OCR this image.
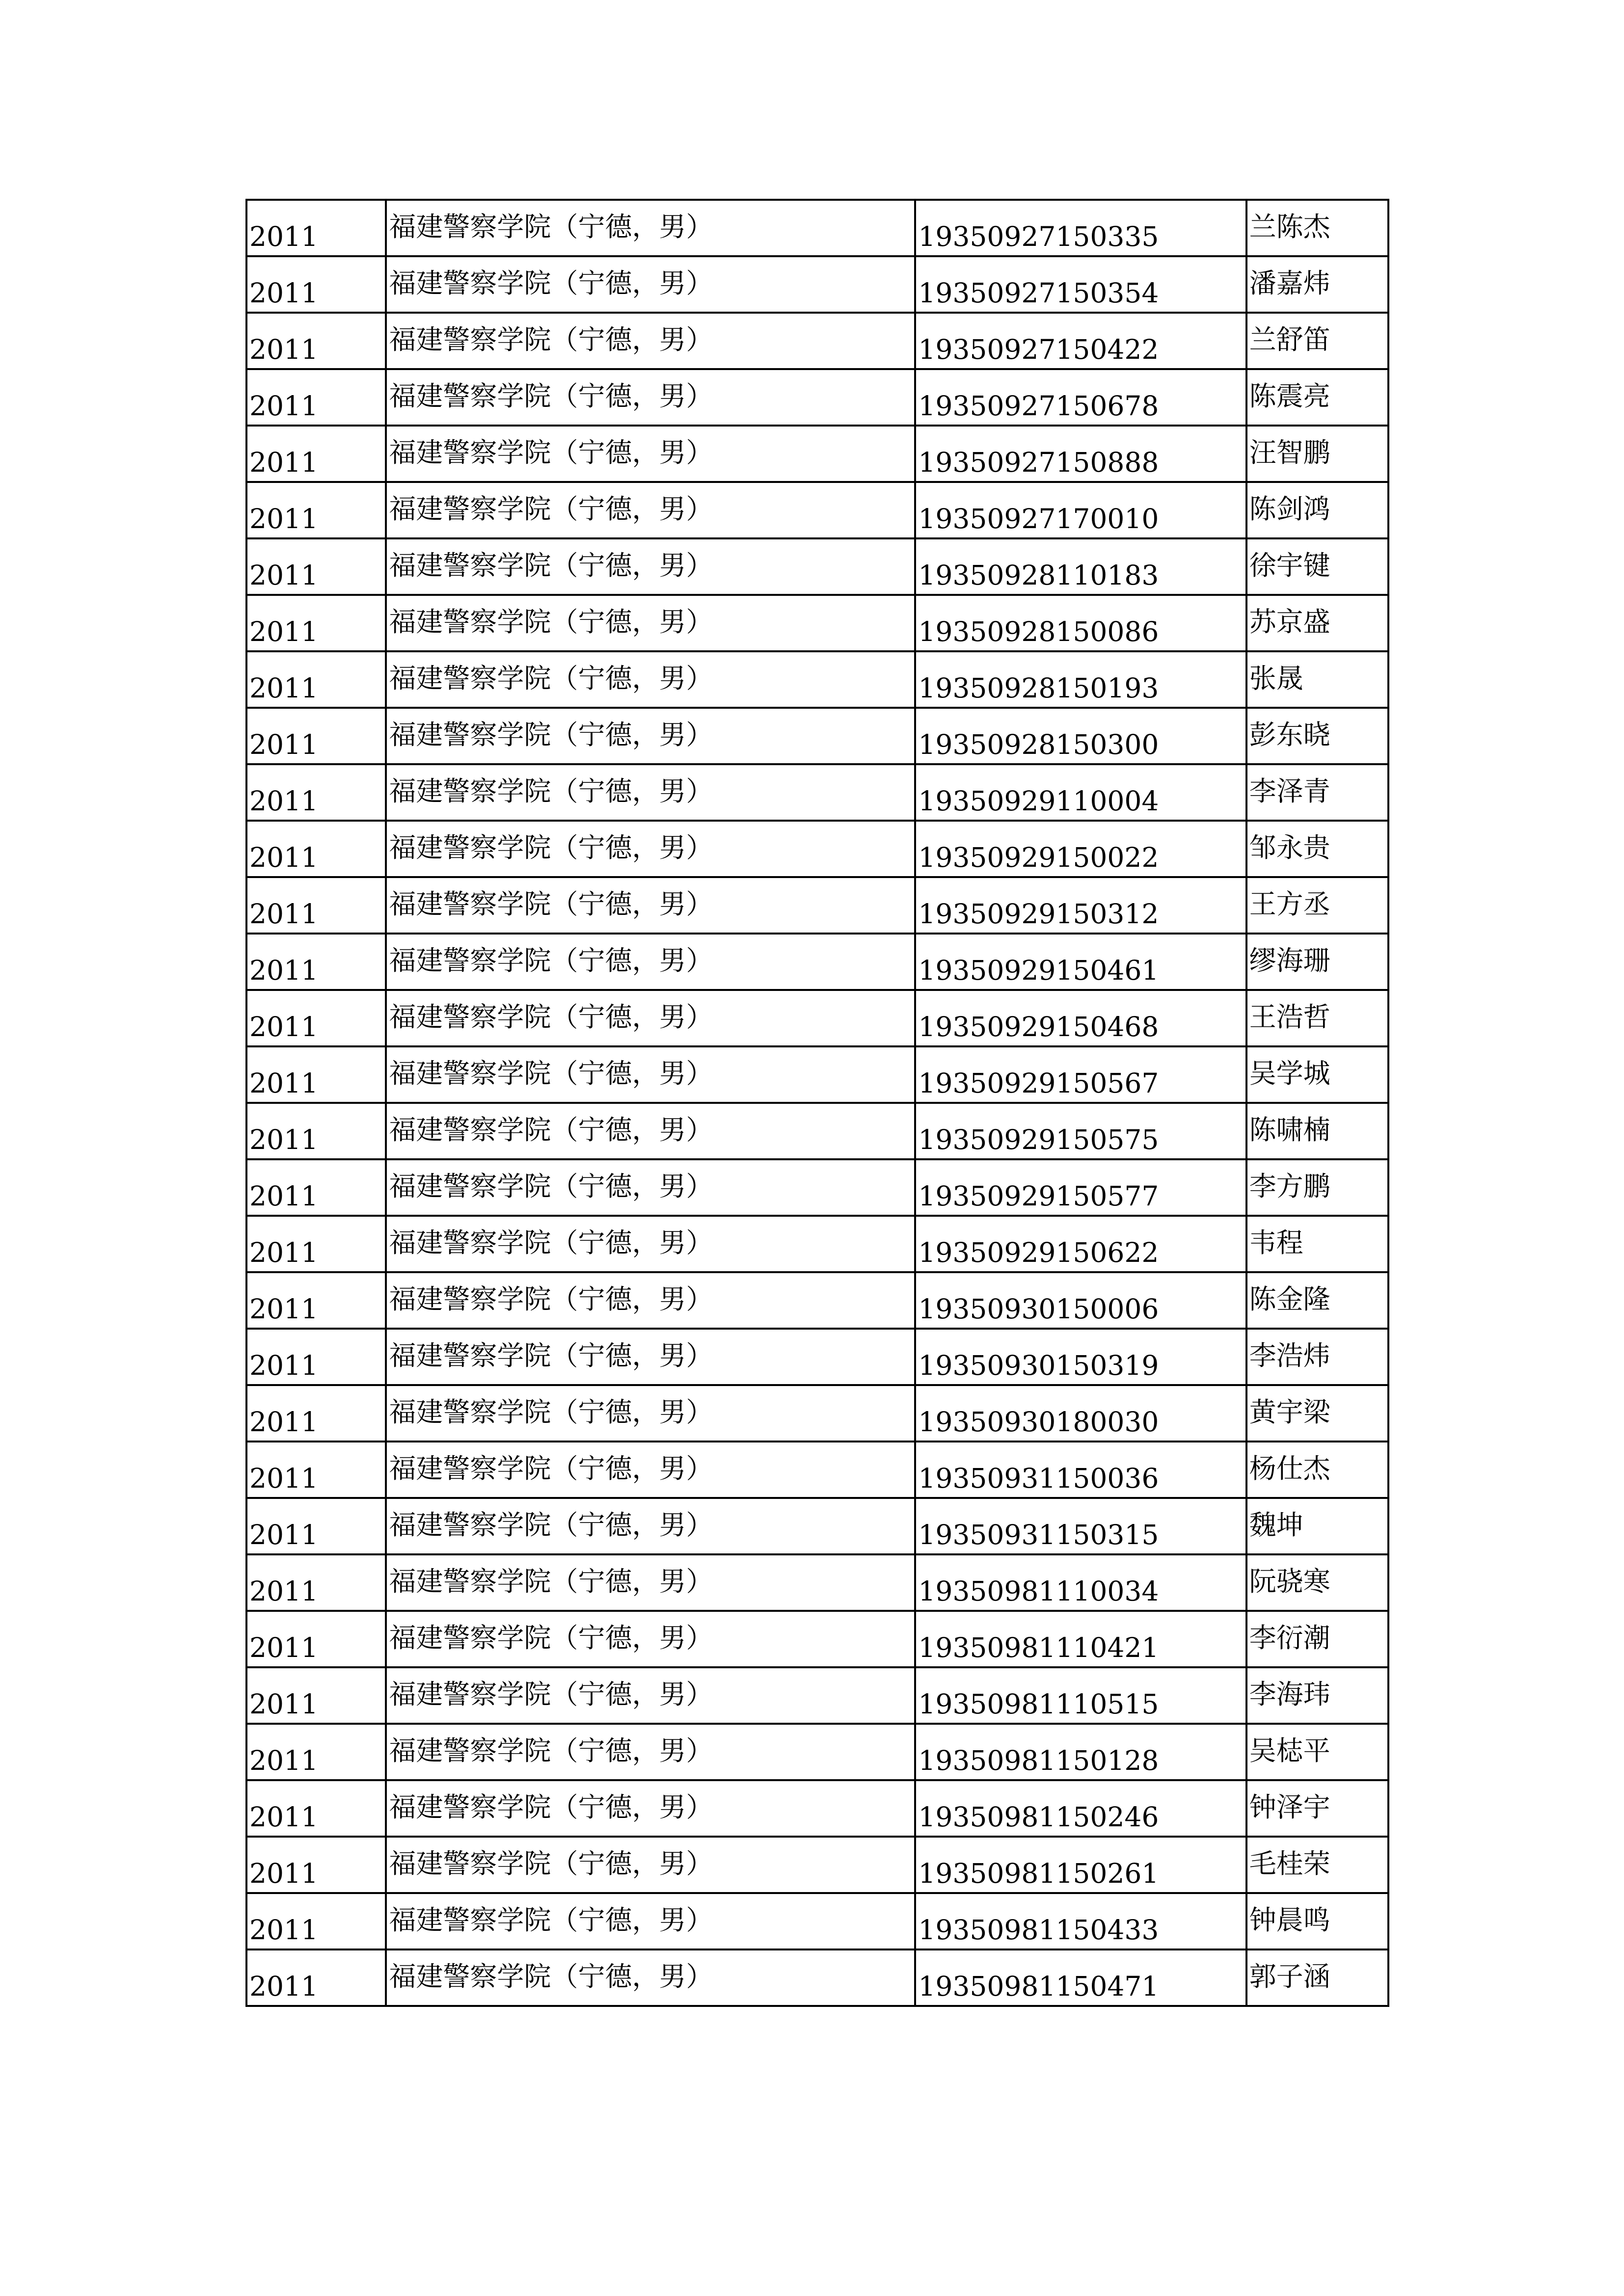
2011	福建警察学院（宁德，男）	19350927150335	兰陈杰
2011	福建警察学院（宁德，男）	19350927150354	潘嘉炜
2011	福建警察学院（宁德，男）	19350927150422	兰舒笛
2011	福建警察学院（宁德，男）	19350927150678	陈震亮
2011	福建警察学院（宁德，男）	19350927150888	汪智鹏
2011	福建警察学院（宁德，男）	19350927170010	陈剑鸿
2011	福建警察学院（宁德，男）	19350928110183	徐宇键
2011	福建警察学院（宁德，男）	19350928150086	苏京盛
2011	福建警察学院（宁德，男）	19350928150193	张晟
2011	福建警察学院（宁德，男）	19350928150300	彭东晓
2011	福建警察学院（宁德，男）	19350929110004	李泽青
2011	福建警察学院（宁德，男）	19350929150022	邹永贵
2011	福建警察学院（宁德，男）	19350929150312	王方丞
2011	福建警察学院（宁德，男）	19350929150461	缪海珊
2011	福建警察学院（宁德，男）	19350929150468	王浩哲
2011	福建警察学院（宁德，男）	19350929150567	吴学城
2011	福建警察学院（宁德，男）	19350929150575	陈啸楠
2011	福建警察学院（宁德，男）	19350929150577	李方鹏
2011	福建警察学院（宁德，男）	19350929150622	韦程
2011	福建警察学院（宁德，男）	19350930150006	陈金隆
2011	福建警察学院（宁德，男）	19350930150319	李浩炜
2011	福建警察学院（宁德，男）	19350930180030	黄宇梁
2011	福建警察学院（宁德，男）	19350931150036	杨仕杰
2011	福建警察学院（宁德，男）	19350931150315	魏坤
2011	福建警察学院（宁德，男）	19350981110034	阮骁寒
2011	福建警察学院（宁德，男）	19350981110421	李衍潮
2011	福建警察学院（宁德，男）	19350981110515	李海玮
2011	福建警察学院（宁德，男）	19350981150128	吴梽平
2011	福建警察学院（宁德，男）	19350981150246	钟泽宇
2011	福建警察学院（宁德，男）	19350981150261	毛桂荣
2011	福建警察学院（宁德，男）	19350981150433	钟晨鸣
2011	福建警察学院（宁德，男）	19350981150471	郭子涵
